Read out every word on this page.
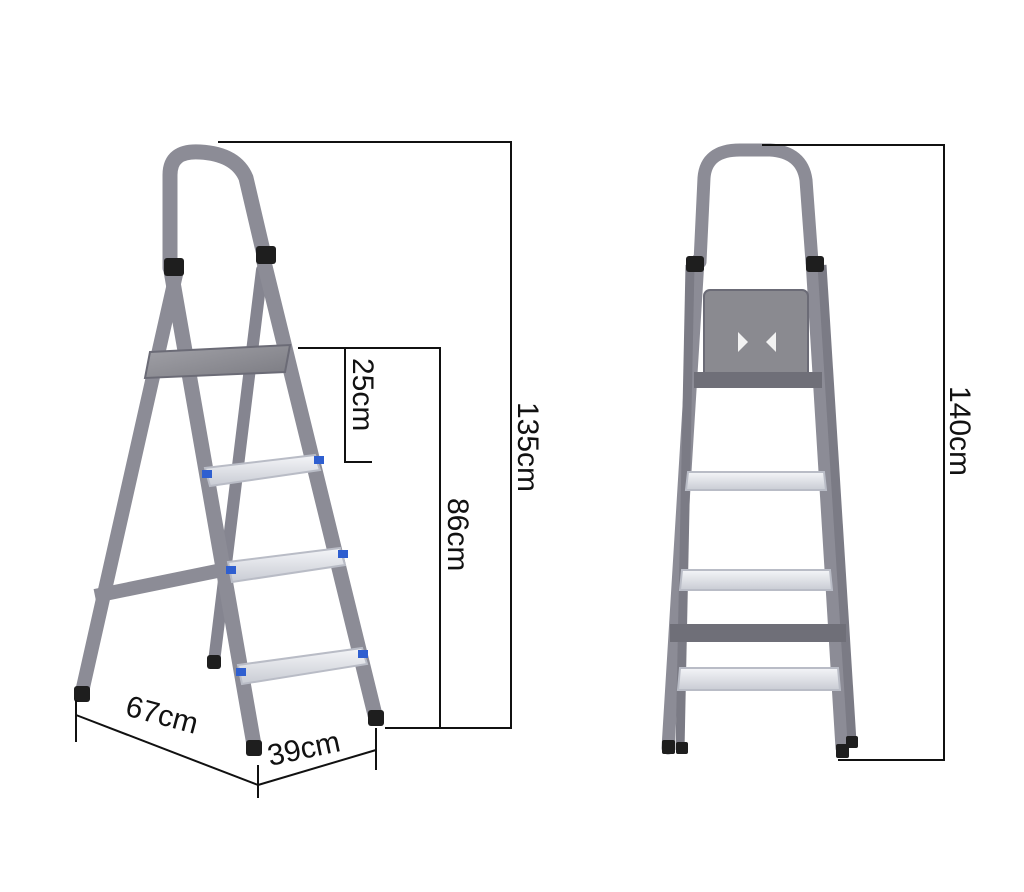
135cm
86cm
25cm
67cm
39cm
140cm
